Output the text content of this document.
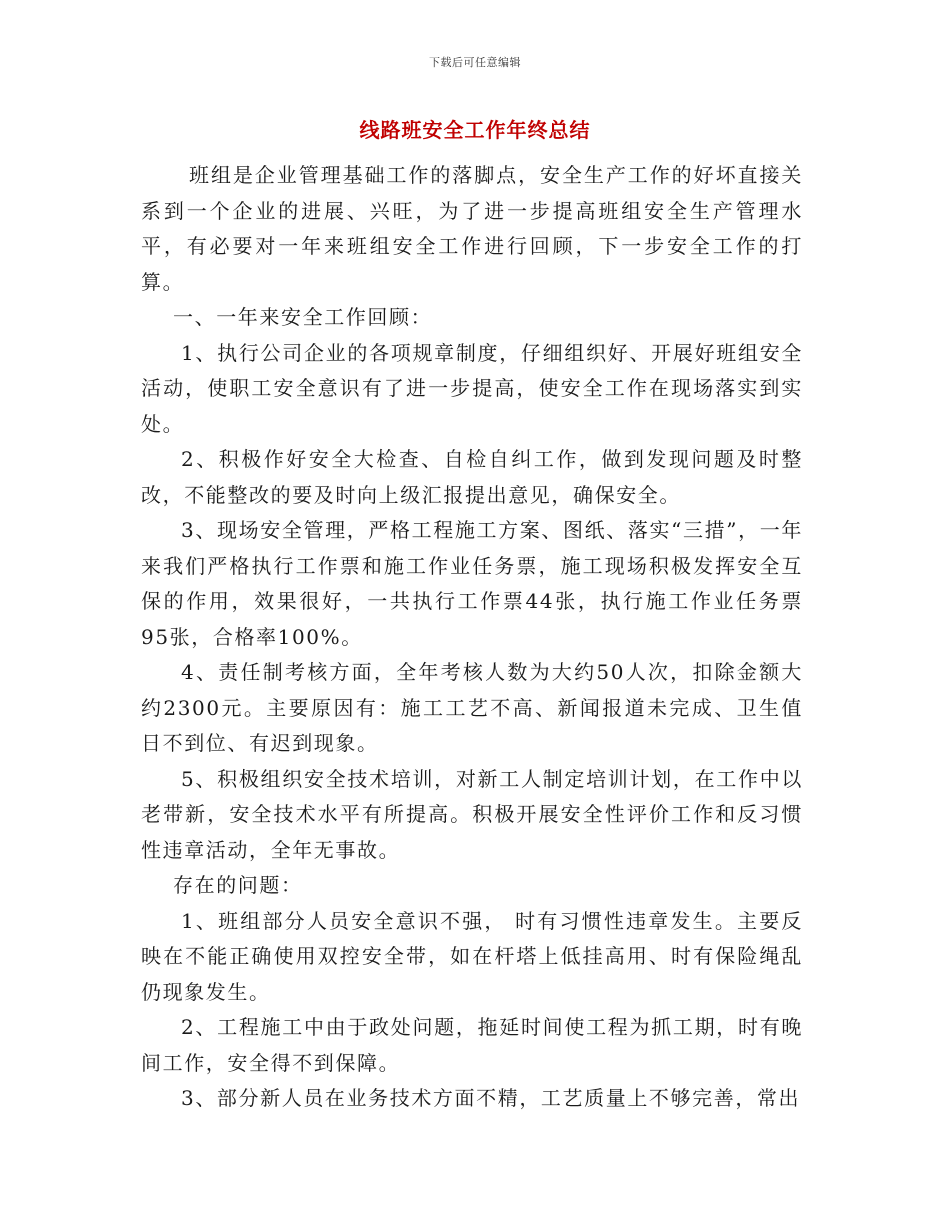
下载后可任意编辑
线路班安全工作年终总结

班组是企业管理基础工作的落脚点，安全生产工作的好坏直接关系到一个企业的进展、兴旺，为了进一步提高班组安全生产管理水平，有必要对一年来班组安全工作进行回顾，下一步安全工作的打算。

一、一年来安全工作回顾：

1、执行公司企业的各项规章制度，仔细组织好、开展好班组安全活动，使职工安全意识有了进一步提高，使安全工作在现场落实到实处。

2、积极作好安全大检查、自检自纠工作，做到发现问题及时整改，不能整改的要及时向上级汇报提出意见，确保安全。

3、现场安全管理，严格工程施工方案、图纸、落实“三措”，一年来我们严格执行工作票和施工作业任务票，施工现场积极发挥安全互保的作用，效果很好，一共执行工作票44张，执行施工作业任务票95张，合格率100%。

4、责任制考核方面，全年考核人数为大约50人次，扣除金额大约2300元。主要原因有：施工工艺不高、新闻报道未完成、卫生值日不到位、有迟到现象。

5、积极组织安全技术培训，对新工人制定培训计划，在工作中以老带新，安全技术水平有所提高。积极开展安全性评价工作和反习惯性违章活动，全年无事故。

存在的问题：

1、班组部分人员安全意识不强， 时有习惯性违章发生。主要反映在不能正确使用双控安全带，如在杆塔上低挂高用、时有保险绳乱仍现象发生。

2、工程施工中由于政处问题，拖延时间使工程为抓工期，时有晚间工作，安全得不到保障。

3、部分新人员在业务技术方面不精，工艺质量上不够完善，常出
